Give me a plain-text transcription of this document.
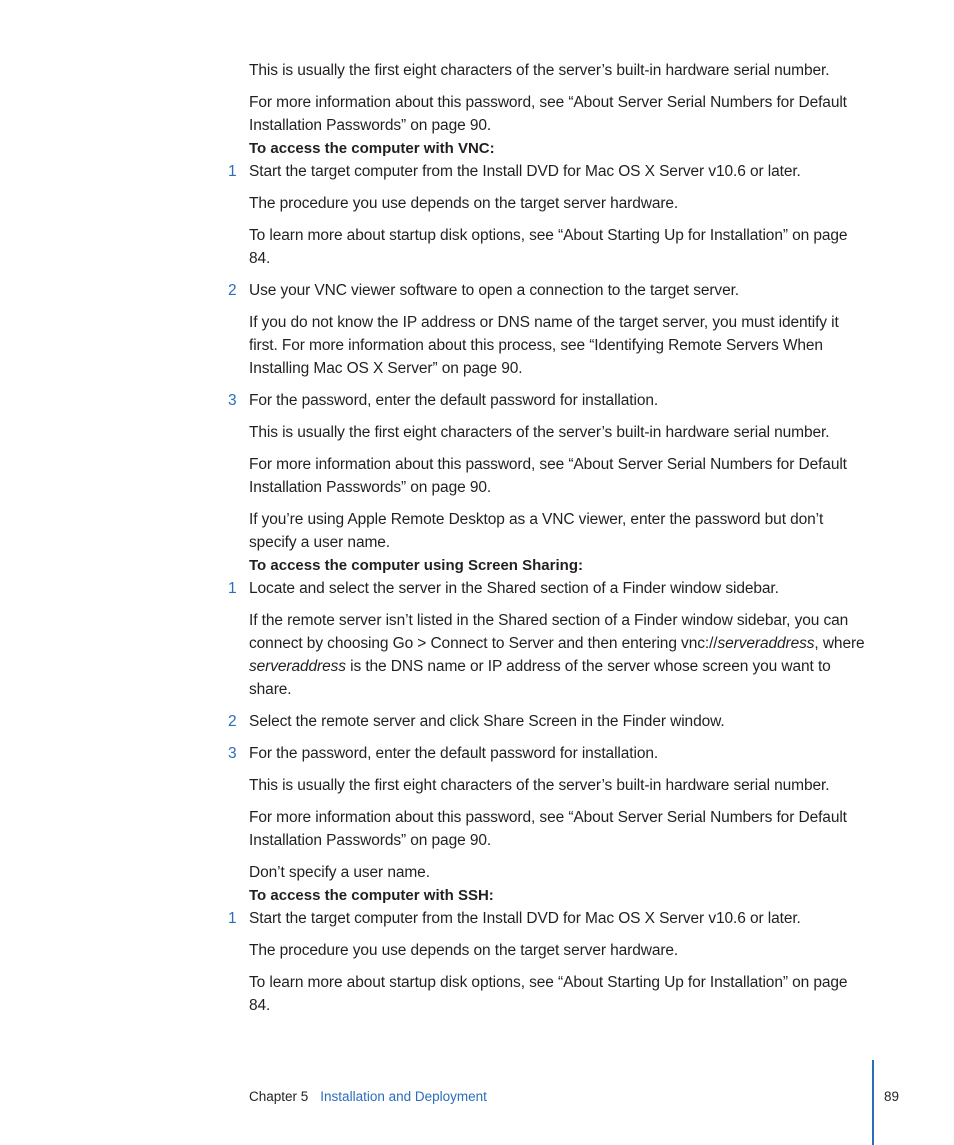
This is usually the first eight characters of the server’s built-in hardware serial number.

For more information about this password, see “About Server Serial Numbers for Default Installation Passwords” on page 90.

To access the computer with VNC:

1 Start the target computer from the Install DVD for Mac OS X Server v10.6 or later.

The procedure you use depends on the target server hardware.

To learn more about startup disk options, see “About Starting Up for Installation” on page 84.

2 Use your VNC viewer software to open a connection to the target server.

If you do not know the IP address or DNS name of the target server, you must identify it first. For more information about this process, see “Identifying Remote Servers When Installing Mac OS X Server” on page 90.

3 For the password, enter the default password for installation.

This is usually the first eight characters of the server’s built-in hardware serial number.

For more information about this password, see “About Server Serial Numbers for Default Installation Passwords” on page 90.

If you’re using Apple Remote Desktop as a VNC viewer, enter the password but don’t specify a user name.

To access the computer using Screen Sharing:

1 Locate and select the server in the Shared section of a Finder window sidebar.

If the remote server isn’t listed in the Shared section of a Finder window sidebar, you can connect by choosing Go > Connect to Server and then entering vnc://serveraddress, where serveraddress is the DNS name or IP address of the server whose screen you want to share.

2 Select the remote server and click Share Screen in the Finder window.

3 For the password, enter the default password for installation.

This is usually the first eight characters of the server’s built-in hardware serial number.

For more information about this password, see “About Server Serial Numbers for Default Installation Passwords” on page 90.

Don’t specify a user name.

To access the computer with SSH:

1 Start the target computer from the Install DVD for Mac OS X Server v10.6 or later.

The procedure you use depends on the target server hardware.

To learn more about startup disk options, see “About Starting Up for Installation” on page 84.

Chapter 5 Installation and Deployment	89
